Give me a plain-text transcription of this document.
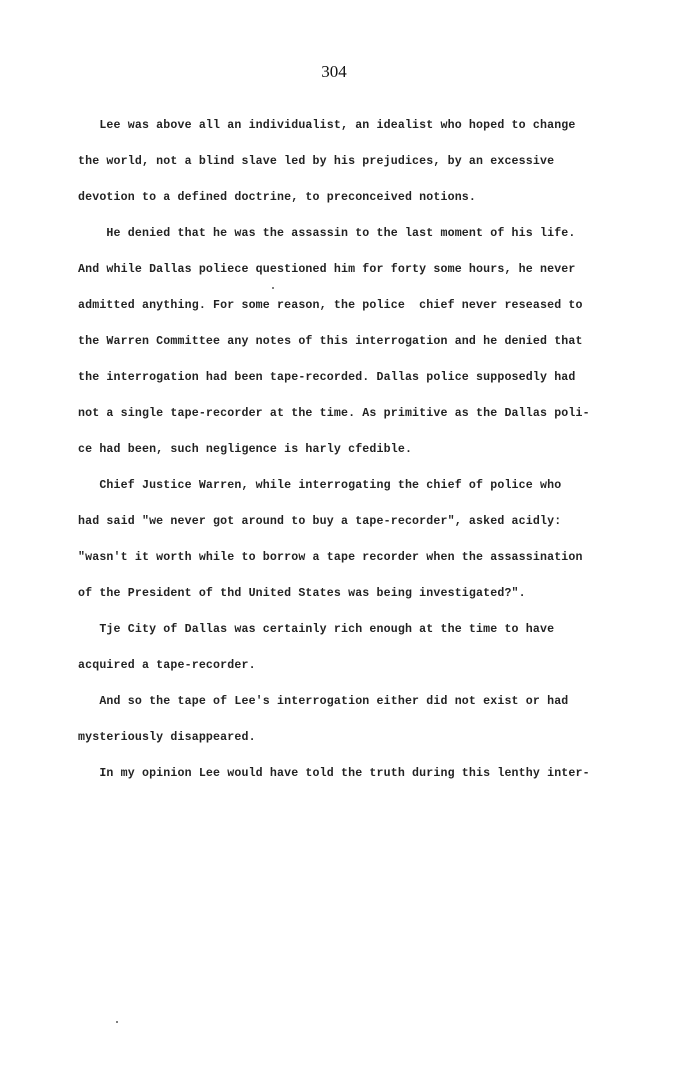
304
Lee was above all an individualist, an idealist who hoped to change
the world, not a blind slave led by his prejudices, by an excessive
devotion to a defined doctrine, to preconceived notions.
He denied that he was the assassin to the last moment of his life.
And while Dallas poliece questioned him for forty some hours, he never
admitted anything. For some reason, the police  chief never reseased to
the Warren Committee any notes of this interrogation and he denied that
the interrogation had been tape-recorded. Dallas police supposedly had
not a single tape-recorder at the time. As primitive as the Dallas poli-
ce had been, such negligence is harly cfedible.
Chief Justice Warren, while interrogating the chief of police who
had said "we never got around to buy a tape-recorder", asked acidly:
"wasn't it worth while to borrow a tape recorder when the assassination
of the President of thd United States was being investigated?".
Tje City of Dallas was certainly rich enough at the time to have
acquired a tape-recorder.
And so the tape of Lee's interrogation either did not exist or had
mysteriously disappeared.
In my opinion Lee would have told the truth during this lenthy inter-
